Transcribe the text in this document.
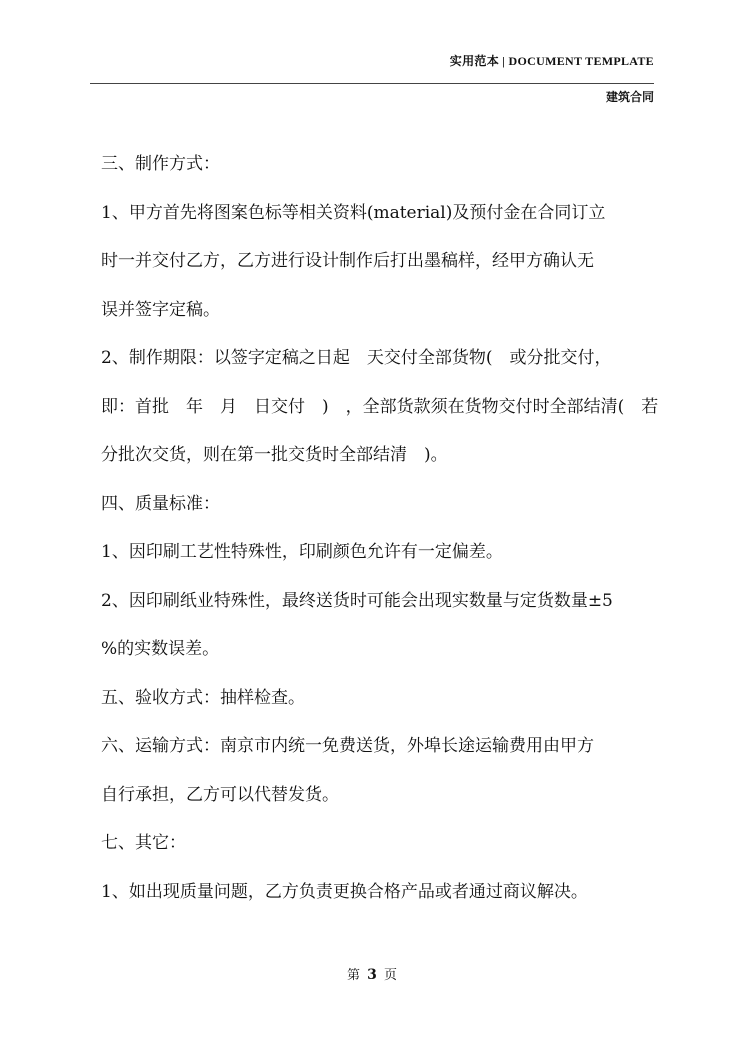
实用范本 | DOCUMENT TEMPLATE
建筑合同

三、制作方式：

1、甲方首先将图案色标等相关资料(material)及预付金在合同订立

时一并交付乙方，乙方进行设计制作后打出墨稿样，经甲方确认无

误并签字定稿。

2、制作期限：以签字定稿之日起　天交付全部货物(　或分批交付，

即：首批　年　月　日交付　)　，全部货款须在货物交付时全部结清(　若

分批次交货，则在第一批交货时全部结清　)。

四、质量标准：

1、因印刷工艺性特殊性，印刷颜色允许有一定偏差。

2、因印刷纸业特殊性，最终送货时可能会出现实数量与定货数量±5

%的实数误差。

五、验收方式：抽样检查。

六、运输方式：南京市内统一免费送货，外埠长途运输费用由甲方

自行承担，乙方可以代替发货。

七、其它：

1、如出现质量问题，乙方负责更换合格产品或者通过商议解决。

第 3 页
